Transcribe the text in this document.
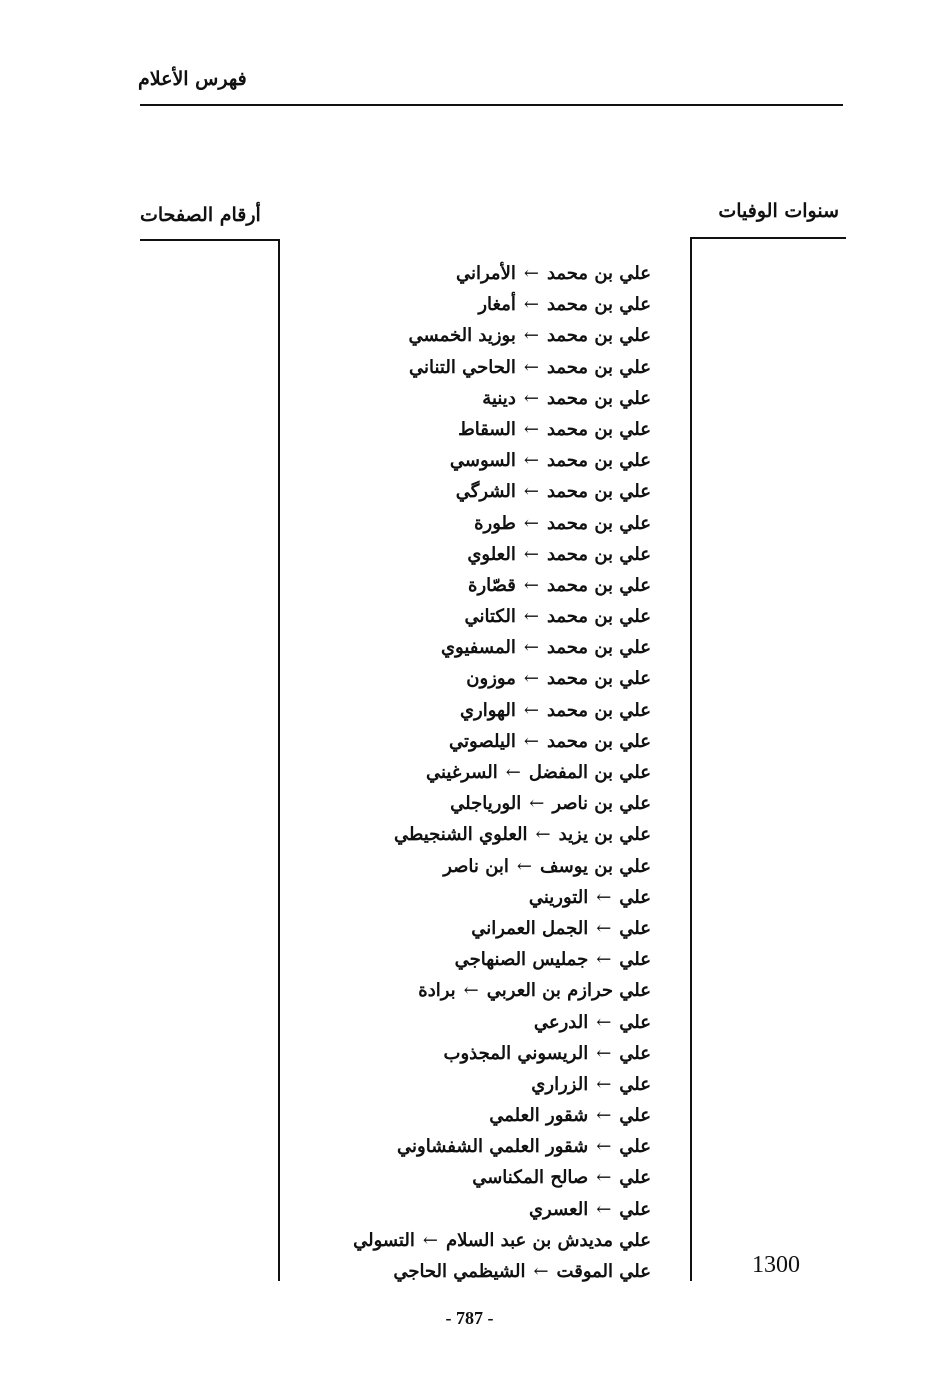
فهرس الأعلام
سنوات الوفيات
أرقام الصفحات
علي بن محمد←الأمراني
علي بن محمد←أمغار
علي بن محمد←بوزيد الخمسي
علي بن محمد←الحاحي التناني
علي بن محمد←دينية
علي بن محمد←السقاط
علي بن محمد←السوسي
علي بن محمد←الشرگي
علي بن محمد←طورة
علي بن محمد←العلوي
علي بن محمد←قصّارة
علي بن محمد←الكتاني
علي بن محمد←المسفيوي
علي بن محمد←موزون
علي بن محمد←الهواري
علي بن محمد←اليلصوتي
علي بن المفضل←السرغيني
علي بن ناصر←الورياجلي
علي بن يزيد←العلوي الشنجيطي
علي بن يوسف←ابن ناصر
علي←التوريني
علي←الجمل العمراني
علي←جمليس الصنهاجي
علي حرازم بن العربي←برادة
علي←الدرعي
علي←الريسوني المجذوب
علي←الزراري
علي←شقور العلمي
علي←شقور العلمي الشفشاوني
علي←صالح المكناسي
علي←العسري
علي مديدش بن عبد السلام←التسولي
علي الموقت←الشيظمي الحاجي	1300
- 787 -
